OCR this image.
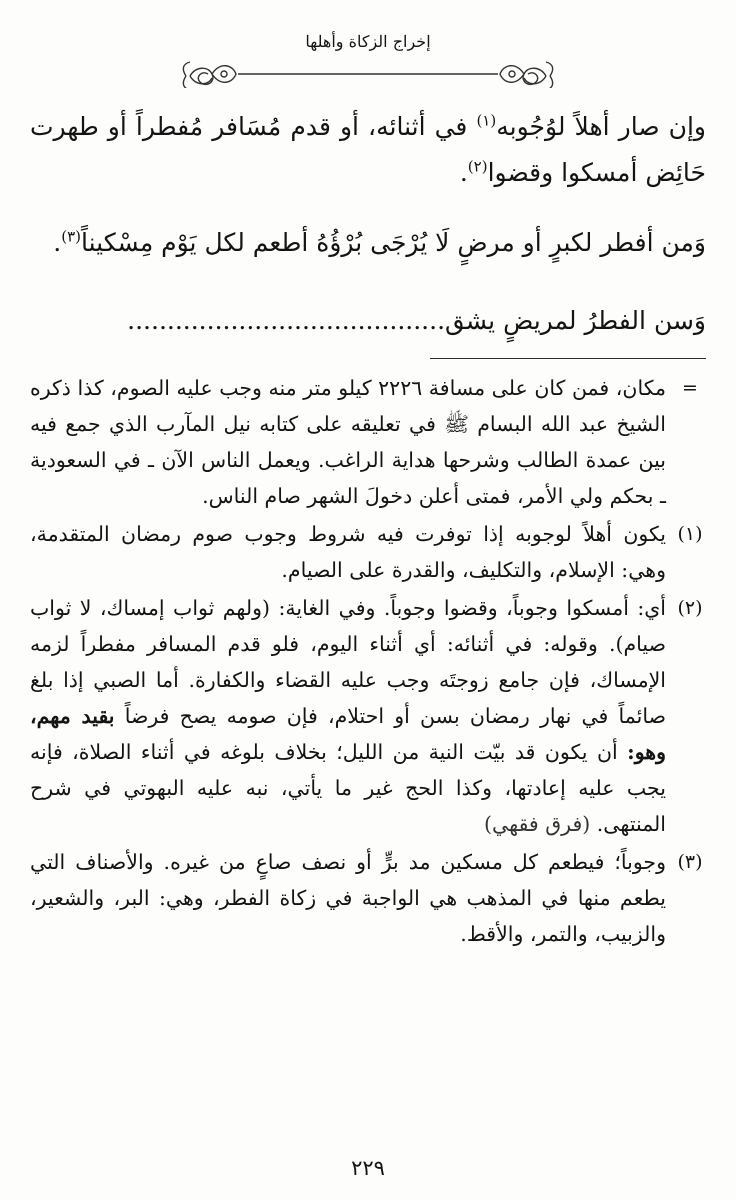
إخراج الزكاة وأهلها

وإن صار أهلاً لوُجُوبه$^{(١)}$ في أثنائه، أو قدم مُسَافر مُفطراً أو طهرت حَائِض أمسكوا وقضوا$^{(٢)}$.

وَمن أفطر لكبرٍ أو مرضٍ لَا يُرْجَى بُرْؤُهُ أطعم لكل يَوْم مِسْكيناً$^{(٣)}$.

وَسن الفطرُ لمريضٍ يشق........................................

=
مكان، فمن كان على مسافة ٢٢٢٦ كيلو متر منه وجب عليه الصوم، كذا ذكره الشيخ عبد الله البسام ﷺ في تعليقه على كتابه نيل المآرب الذي جمع فيه بين عمدة الطالب وشرحها هداية الراغب. ويعمل الناس الآن ـ في السعودية ـ بحكم ولي الأمر، فمتى أعلن دخولَ الشهر صام الناس.
(١)
يكون أهلاً لوجوبه إذا توفرت فيه شروط وجوب صوم رمضان المتقدمة، وهي: الإسلام، والتكليف، والقدرة على الصيام.
(٢)
أي: أمسكوا وجوباً، وقضوا وجوباً. وفي الغاية: (ولهم ثواب إمساك، لا ثواب صيام). وقوله: في أثنائه: أي أثناء اليوم، فلو قدم المسافر مفطراً لزمه الإمساك، فإن جامع زوجتَه وجب عليه القضاء والكفارة. أما الصبي إذا بلغ صائماً في نهار رمضان بسن أو احتلام، فإن صومه يصح فرضاً بقيد مهم، وهو: أن يكون قد بيّت النية من الليل؛ بخلاف بلوغه في أثناء الصلاة، فإنه يجب عليه إعادتها، وكذا الحج غير ما يأتي، نبه عليه البهوتي في شرح المنتهى. (فرق فقهي)
(٣)
وجوباً؛ فيطعم كل مسكين مد برٍّ أو نصف صاعٍ من غيره. والأصناف التي يطعم منها في المذهب هي الواجبة في زكاة الفطر، وهي: البر، والشعير، والزبيب، والتمر، والأقط.
٢٢٩
